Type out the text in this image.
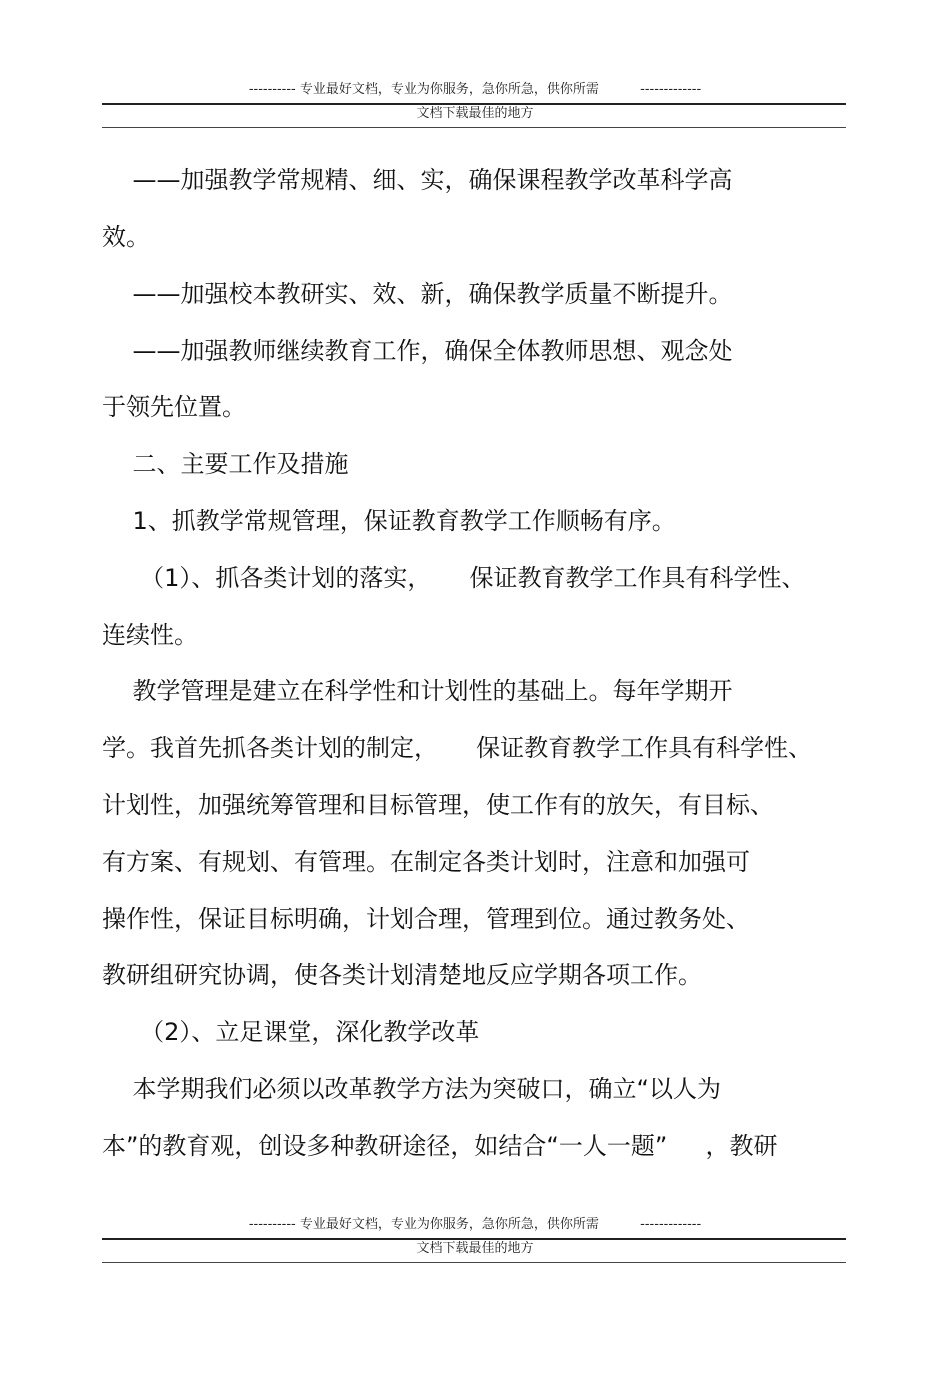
---------- 专业最好文档，专业为你服务，急你所急，供你所需          -------------
文档下载最佳的地方
——加强教学常规精、细、实，确保课程教学改革科学高
效。
——加强校本教研实、效、新，确保教学质量不断提升。
——加强教师继续教育工作，确保全体教师思想、观念处
于领先位置。
二、主要工作及措施
1、抓教学常规管理，保证教育教学工作顺畅有序。
（1）、抓各类计划的落实，     保证教育教学工作具有科学性、
连续性。
教学管理是建立在科学性和计划性的基础上。每年学期开
学。我首先抓各类计划的制定，     保证教育教学工作具有科学性、
计划性，加强统筹管理和目标管理，使工作有的放矢，有目标、
有方案、有规划、有管理。在制定各类计划时，注意和加强可
操作性，保证目标明确，计划合理，管理到位。通过教务处、
教研组研究协调，使各类计划清楚地反应学期各项工作。
（2）、立足课堂，深化教学改革
本学期我们必须以改革教学方法为突破口，确立“以人为
本”的教育观，创设多种教研途径，如结合“一人一题”     ，教研
---------- 专业最好文档，专业为你服务，急你所急，供你所需          -------------
文档下载最佳的地方
